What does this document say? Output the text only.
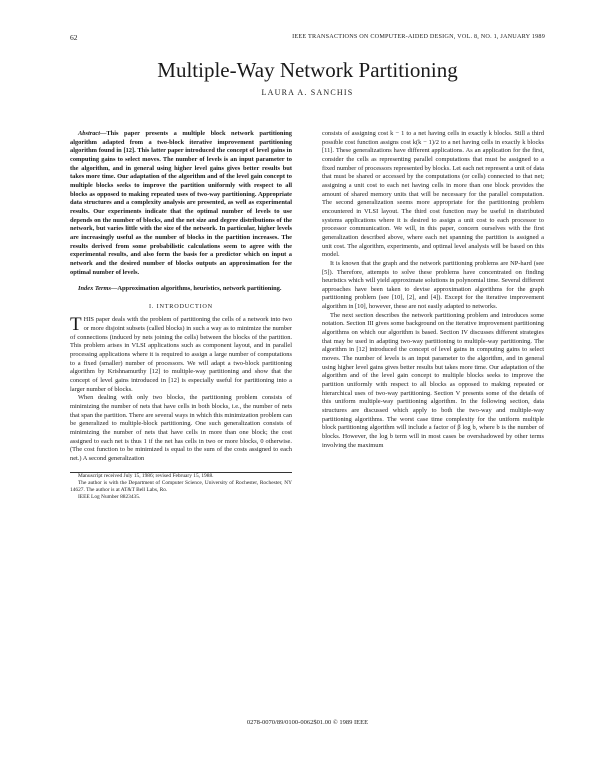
62	IEEE TRANSACTIONS ON COMPUTER-AIDED DESIGN, VOL. 8, NO. 1, JANUARY 1989
Multiple-Way Network Partitioning
LAURA A. SANCHIS

Abstract—This paper presents a multiple block network partitioning algorithm adapted from a two-block iterative improvement partitioning algorithm found in [12]. This latter paper introduced the concept of level gains in computing gains to select moves. The number of levels is an input parameter to the algorithm, and in general using higher level gains gives better results but takes more time. Our adaptation of the algorithm and of the level gain concept to multiple blocks seeks to improve the partition uniformly with respect to all blocks as opposed to making repeated uses of two-way partitioning. Appropriate data structures and a complexity analysis are presented, as well as experimental results. Our experiments indicate that the optimal number of levels to use depends on the number of blocks, and the net size and degree distributions of the network, but varies little with the size of the network. In particular, higher levels are increasingly useful as the number of blocks in the partition increases. The results derived from some probabilistic calculations seem to agree with the experimental results, and also form the basis for a predictor which on input a network and the desired number of blocks outputs an approximation for the optimal number of levels.

Index Terms—Approximation algorithms, heuristics, network partitioning.

I. INTRODUCTION

THIS paper deals with the problem of partitioning the cells of a network into two or more disjoint subsets (called blocks) in such a way as to minimize the number of connections (induced by nets joining the cells) between the blocks of the partition. This problem arises in VLSI applications such as component layout, and in parallel processing applications where it is required to assign a large number of computations to a fixed (smaller) number of processors. We will adapt a two-block partitioning algorithm by Krishnamurthy [12] to multiple-way partitioning and show that the concept of level gains introduced in [12] is especially useful for partitioning into a larger number of blocks.

When dealing with only two blocks, the partitioning problem consists of minimizing the number of nets that have cells in both blocks, i.e., the number of nets that span the partition. There are several ways in which this minimization problem can be generalized to multiple-block partitioning. One such generalization consists of minimizing the number of nets that have cells in more than one block; the cost assigned to each net is thus 1 if the net has cells in two or more blocks, 0 otherwise. (The cost function to be minimized is equal to the sum of the costs assigned to each net.) A second generalization

Manuscript received July 15, 1986; revised February 15, 1988.

The author is with the Department of Computer Science, University of Rochester, Rochester, NY 14627. The author is at AT&T Bell Labs, Ro.

IEEE Log Number 8823435.

consists of assigning cost k − 1 to a net having cells in exactly k blocks. Still a third possible cost function assigns cost k(k − 1)/2 to a net having cells in exactly k blocks [11]. These generalizations have different applications. As an application for the first, consider the cells as representing parallel computations that must be assigned to a fixed number of processors represented by blocks. Let each net represent a unit of data that must be shared or accessed by the computations (or cells) connected to that net; assigning a unit cost to each net having cells in more than one block provides the amount of shared memory units that will be necessary for the parallel computation. The second generalization seems more appropriate for the partitioning problem encountered in VLSI layout. The third cost function may be useful in distributed systems applications where it is desired to assign a unit cost to each processor to processor communication. We will, in this paper, concern ourselves with the first generalization described above, where each net spanning the partition is assigned a unit cost. The algorithm, experiments, and optimal level analysis will be based on this model.

It is known that the graph and the network partitioning problems are NP-hard (see [5]). Therefore, attempts to solve these problems have concentrated on finding heuristics which will yield approximate solutions in polynomial time. Several different approaches have been taken to devise approximation algorithms for the graph partitioning problem (see [10], [2], and [4]). Except for the iterative improvement algorithm in [10], however, these are not easily adapted to networks.

The next section describes the network partitioning problem and introduces some notation. Section III gives some background on the iterative improvement partitioning algorithms on which our algorithm is based. Section IV discusses different strategies that may be used in adapting two-way partitioning to multiple-way partitioning. The algorithm in [12] introduced the concept of level gains in computing gains to select moves. The number of levels is an input parameter to the algorithm, and in general using higher level gains gives better results but takes more time. Our adaptation of the algorithm and of the level gain concept to multiple blocks seeks to improve the partition uniformly with respect to all blocks as opposed to making repeated or hierarchical uses of two-way partitioning. Section V presents some of the details of this uniform multiple-way partitioning algorithm. In the following section, data structures are discussed which apply to both the two-way and multiple-way partitioning algorithms. The worst case time complexity for the uniform multiple block partitioning algorithm will include a factor of β log b, where b is the number of blocks. However, the log b term will in most cases be overshadowed by other terms involving the maximum

0278-0070/89/0100-0062$01.00 © 1989 IEEE
